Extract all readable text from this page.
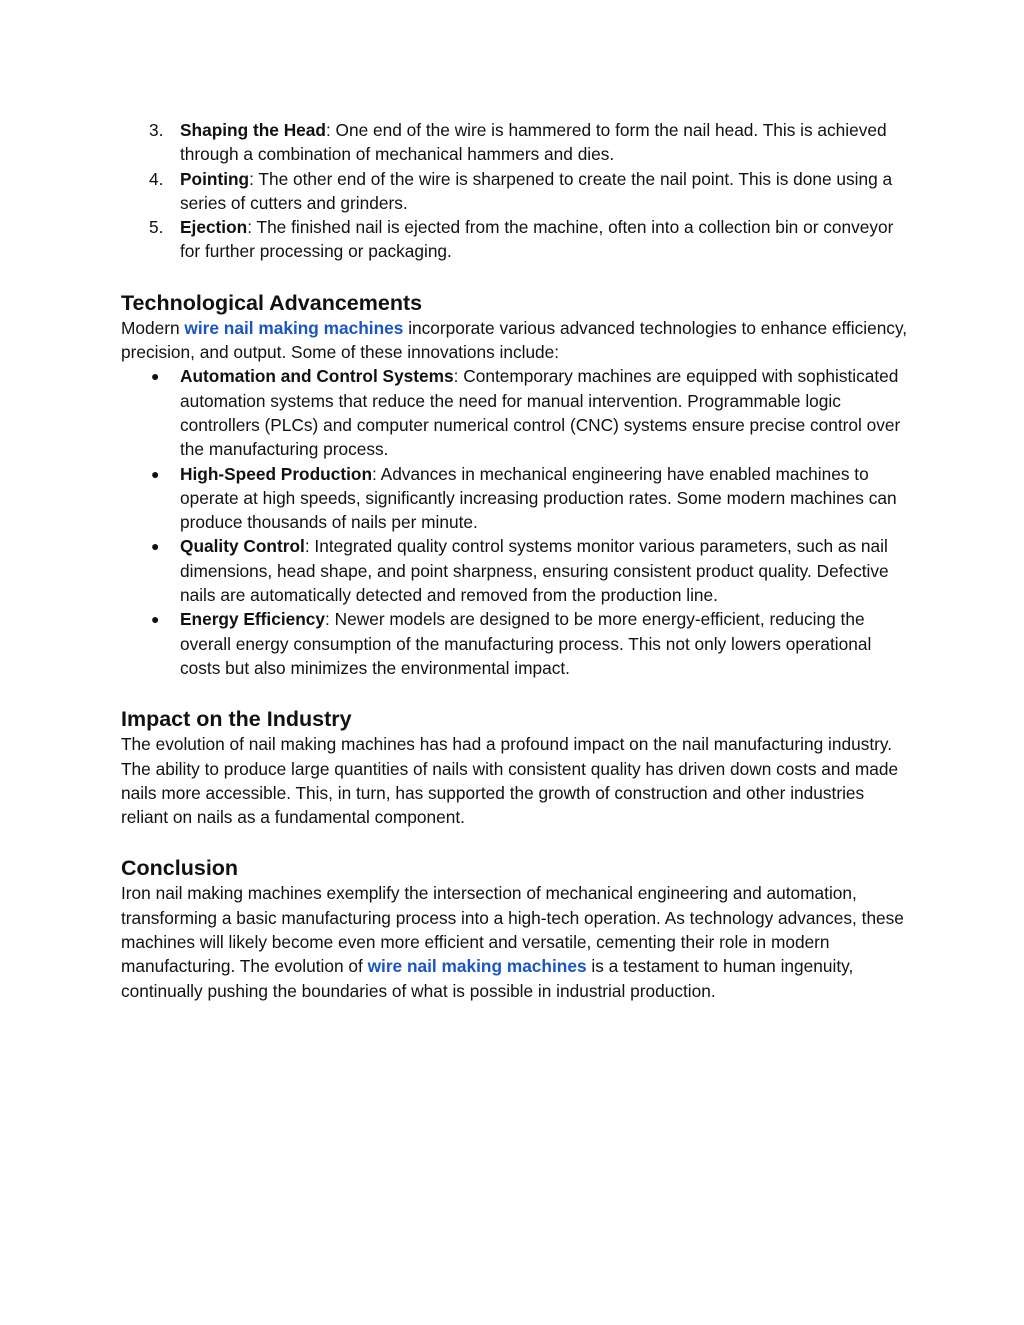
3. Shaping the Head: One end of the wire is hammered to form the nail head. This is achieved through a combination of mechanical hammers and dies.
4. Pointing: The other end of the wire is sharpened to create the nail point. This is done using a series of cutters and grinders.
5. Ejection: The finished nail is ejected from the machine, often into a collection bin or conveyor for further processing or packaging.
Technological Advancements

Modern wire nail making machines incorporate various advanced technologies to enhance efficiency, precision, and output. Some of these innovations include:

● Automation and Control Systems: Contemporary machines are equipped with sophisticated automation systems that reduce the need for manual intervention. Programmable logic controllers (PLCs) and computer numerical control (CNC) systems ensure precise control over the manufacturing process.
● High-Speed Production: Advances in mechanical engineering have enabled machines to operate at high speeds, significantly increasing production rates. Some modern machines can produce thousands of nails per minute.
● Quality Control: Integrated quality control systems monitor various parameters, such as nail dimensions, head shape, and point sharpness, ensuring consistent product quality. Defective nails are automatically detected and removed from the production line.
● Energy Efficiency: Newer models are designed to be more energy-efficient, reducing the overall energy consumption of the manufacturing process. This not only lowers operational costs but also minimizes the environmental impact.
Impact on the Industry

The evolution of nail making machines has had a profound impact on the nail manufacturing industry. The ability to produce large quantities of nails with consistent quality has driven down costs and made nails more accessible. This, in turn, has supported the growth of construction and other industries reliant on nails as a fundamental component.

Conclusion

Iron nail making machines exemplify the intersection of mechanical engineering and automation, transforming a basic manufacturing process into a high-tech operation. As technology advances, these machines will likely become even more efficient and versatile, cementing their role in modern manufacturing. The evolution of wire nail making machines is a testament to human ingenuity, continually pushing the boundaries of what is possible in industrial production.
